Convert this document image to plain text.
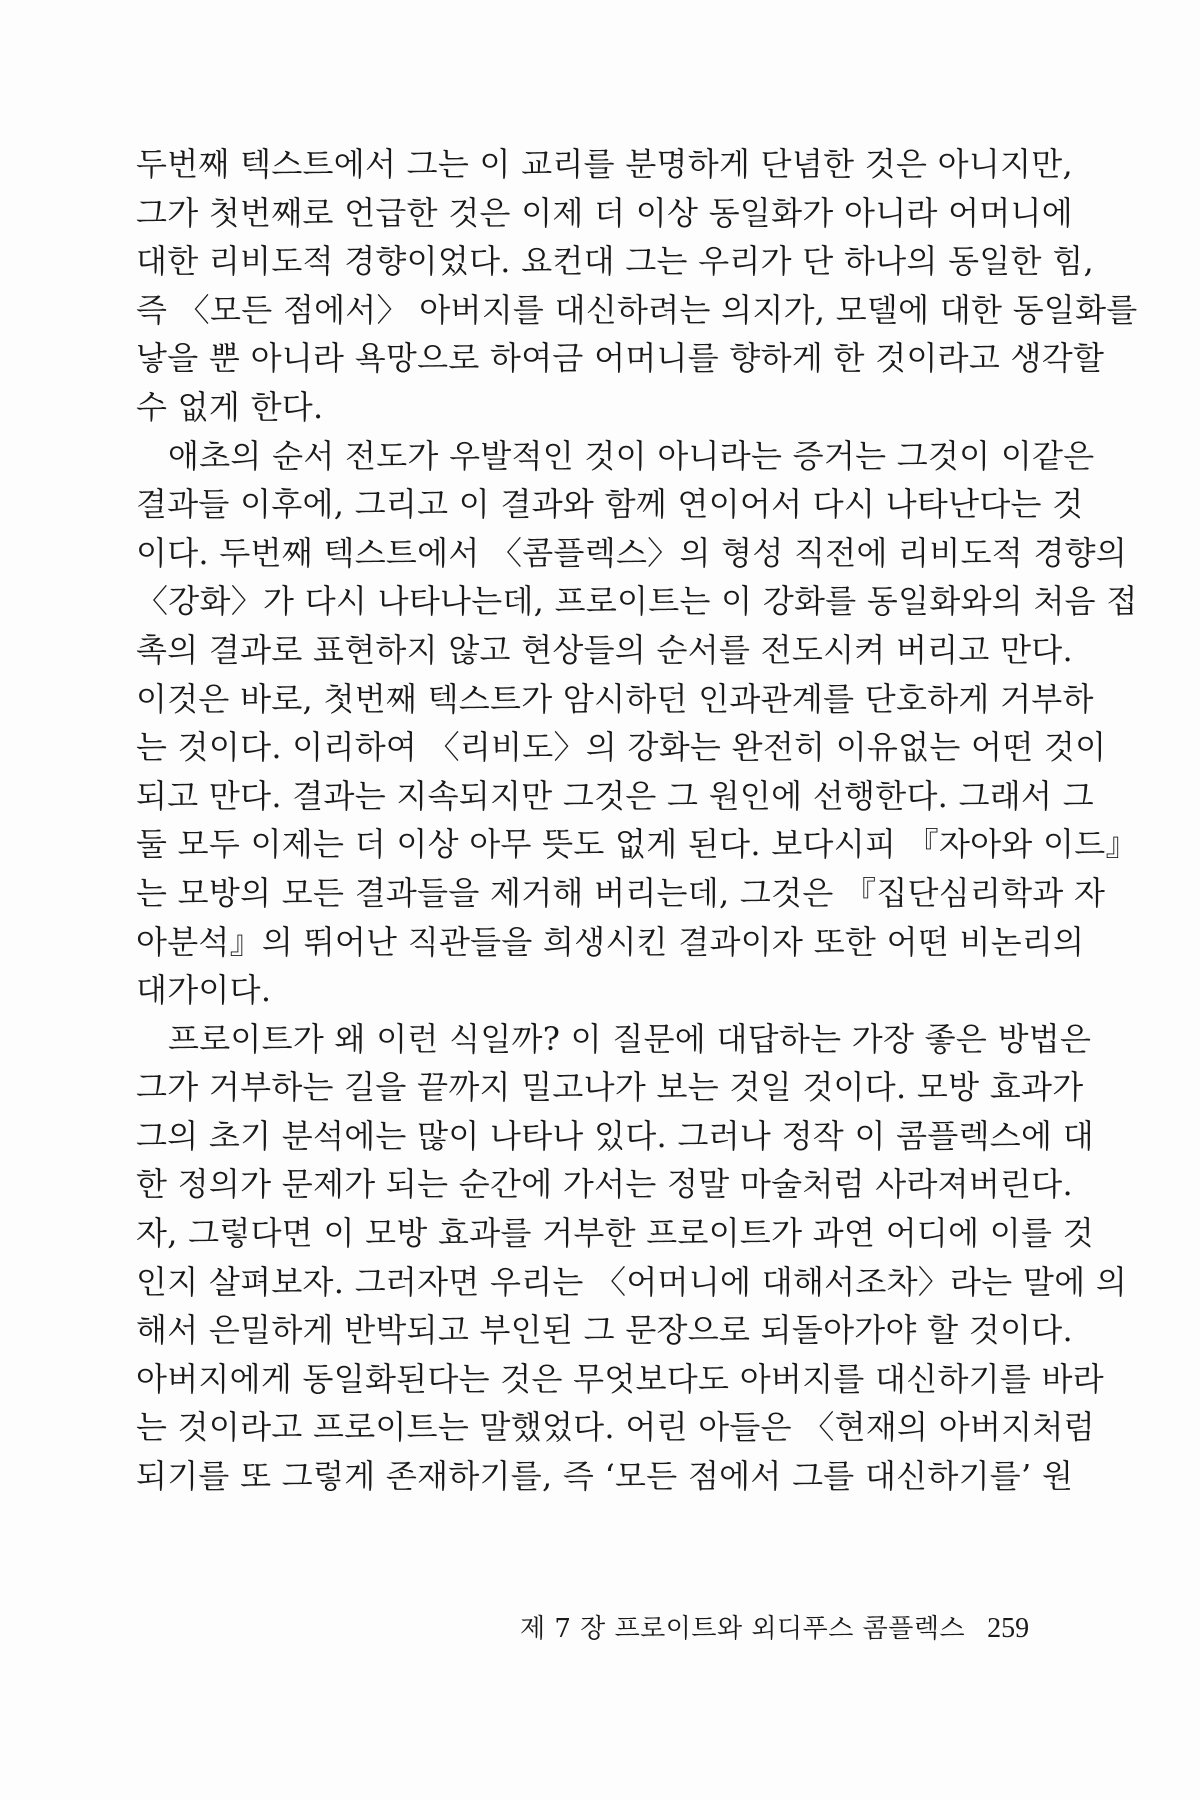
두번째 텍스트에서 그는 이 교리를 분명하게 단념한 것은 아니지만,
그가 첫번째로 언급한 것은 이제 더 이상 동일화가 아니라 어머니에
대한 리비도적 경향이었다. 요컨대 그는 우리가 단 하나의 동일한 힘,
즉 〈모든 점에서〉 아버지를 대신하려는 의지가, 모델에 대한 동일화를
낳을 뿐 아니라 욕망으로 하여금 어머니를 향하게 한 것이라고 생각할
수 없게 한다.
애초의 순서 전도가 우발적인 것이 아니라는 증거는 그것이 이같은
결과들 이후에, 그리고 이 결과와 함께 연이어서 다시 나타난다는 것
이다. 두번째 텍스트에서 〈콤플렉스〉의 형성 직전에 리비도적 경향의
〈강화〉가 다시 나타나는데, 프로이트는 이 강화를 동일화와의 처음 접
촉의 결과로 표현하지 않고 현상들의 순서를 전도시켜 버리고 만다.
이것은 바로, 첫번째 텍스트가 암시하던 인과관계를 단호하게 거부하
는 것이다. 이리하여 〈리비도〉의 강화는 완전히 이유없는 어떤 것이
되고 만다. 결과는 지속되지만 그것은 그 원인에 선행한다. 그래서 그
둘 모두 이제는 더 이상 아무 뜻도 없게 된다. 보다시피 『자아와 이드』
는 모방의 모든 결과들을 제거해 버리는데, 그것은 『집단심리학과 자
아분석』의 뛰어난 직관들을 희생시킨 결과이자 또한 어떤 비논리의
대가이다.
프로이트가 왜 이런 식일까? 이 질문에 대답하는 가장 좋은 방법은
그가 거부하는 길을 끝까지 밀고나가 보는 것일 것이다. 모방 효과가
그의 초기 분석에는 많이 나타나 있다. 그러나 정작 이 콤플렉스에 대
한 정의가 문제가 되는 순간에 가서는 정말 마술처럼 사라져버린다.
자, 그렇다면 이 모방 효과를 거부한 프로이트가 과연 어디에 이를 것
인지 살펴보자. 그러자면 우리는 〈어머니에 대해서조차〉라는 말에 의
해서 은밀하게 반박되고 부인된 그 문장으로 되돌아가야 할 것이다.
아버지에게 동일화된다는 것은 무엇보다도 아버지를 대신하기를 바라
는 것이라고 프로이트는 말했었다. 어린 아들은 〈현재의 아버지처럼
되기를 또 그렇게 존재하기를, 즉 ‘모든 점에서 그를 대신하기를’ 원
제 7 장 프로이트와 외디푸스 콤플렉스 259
